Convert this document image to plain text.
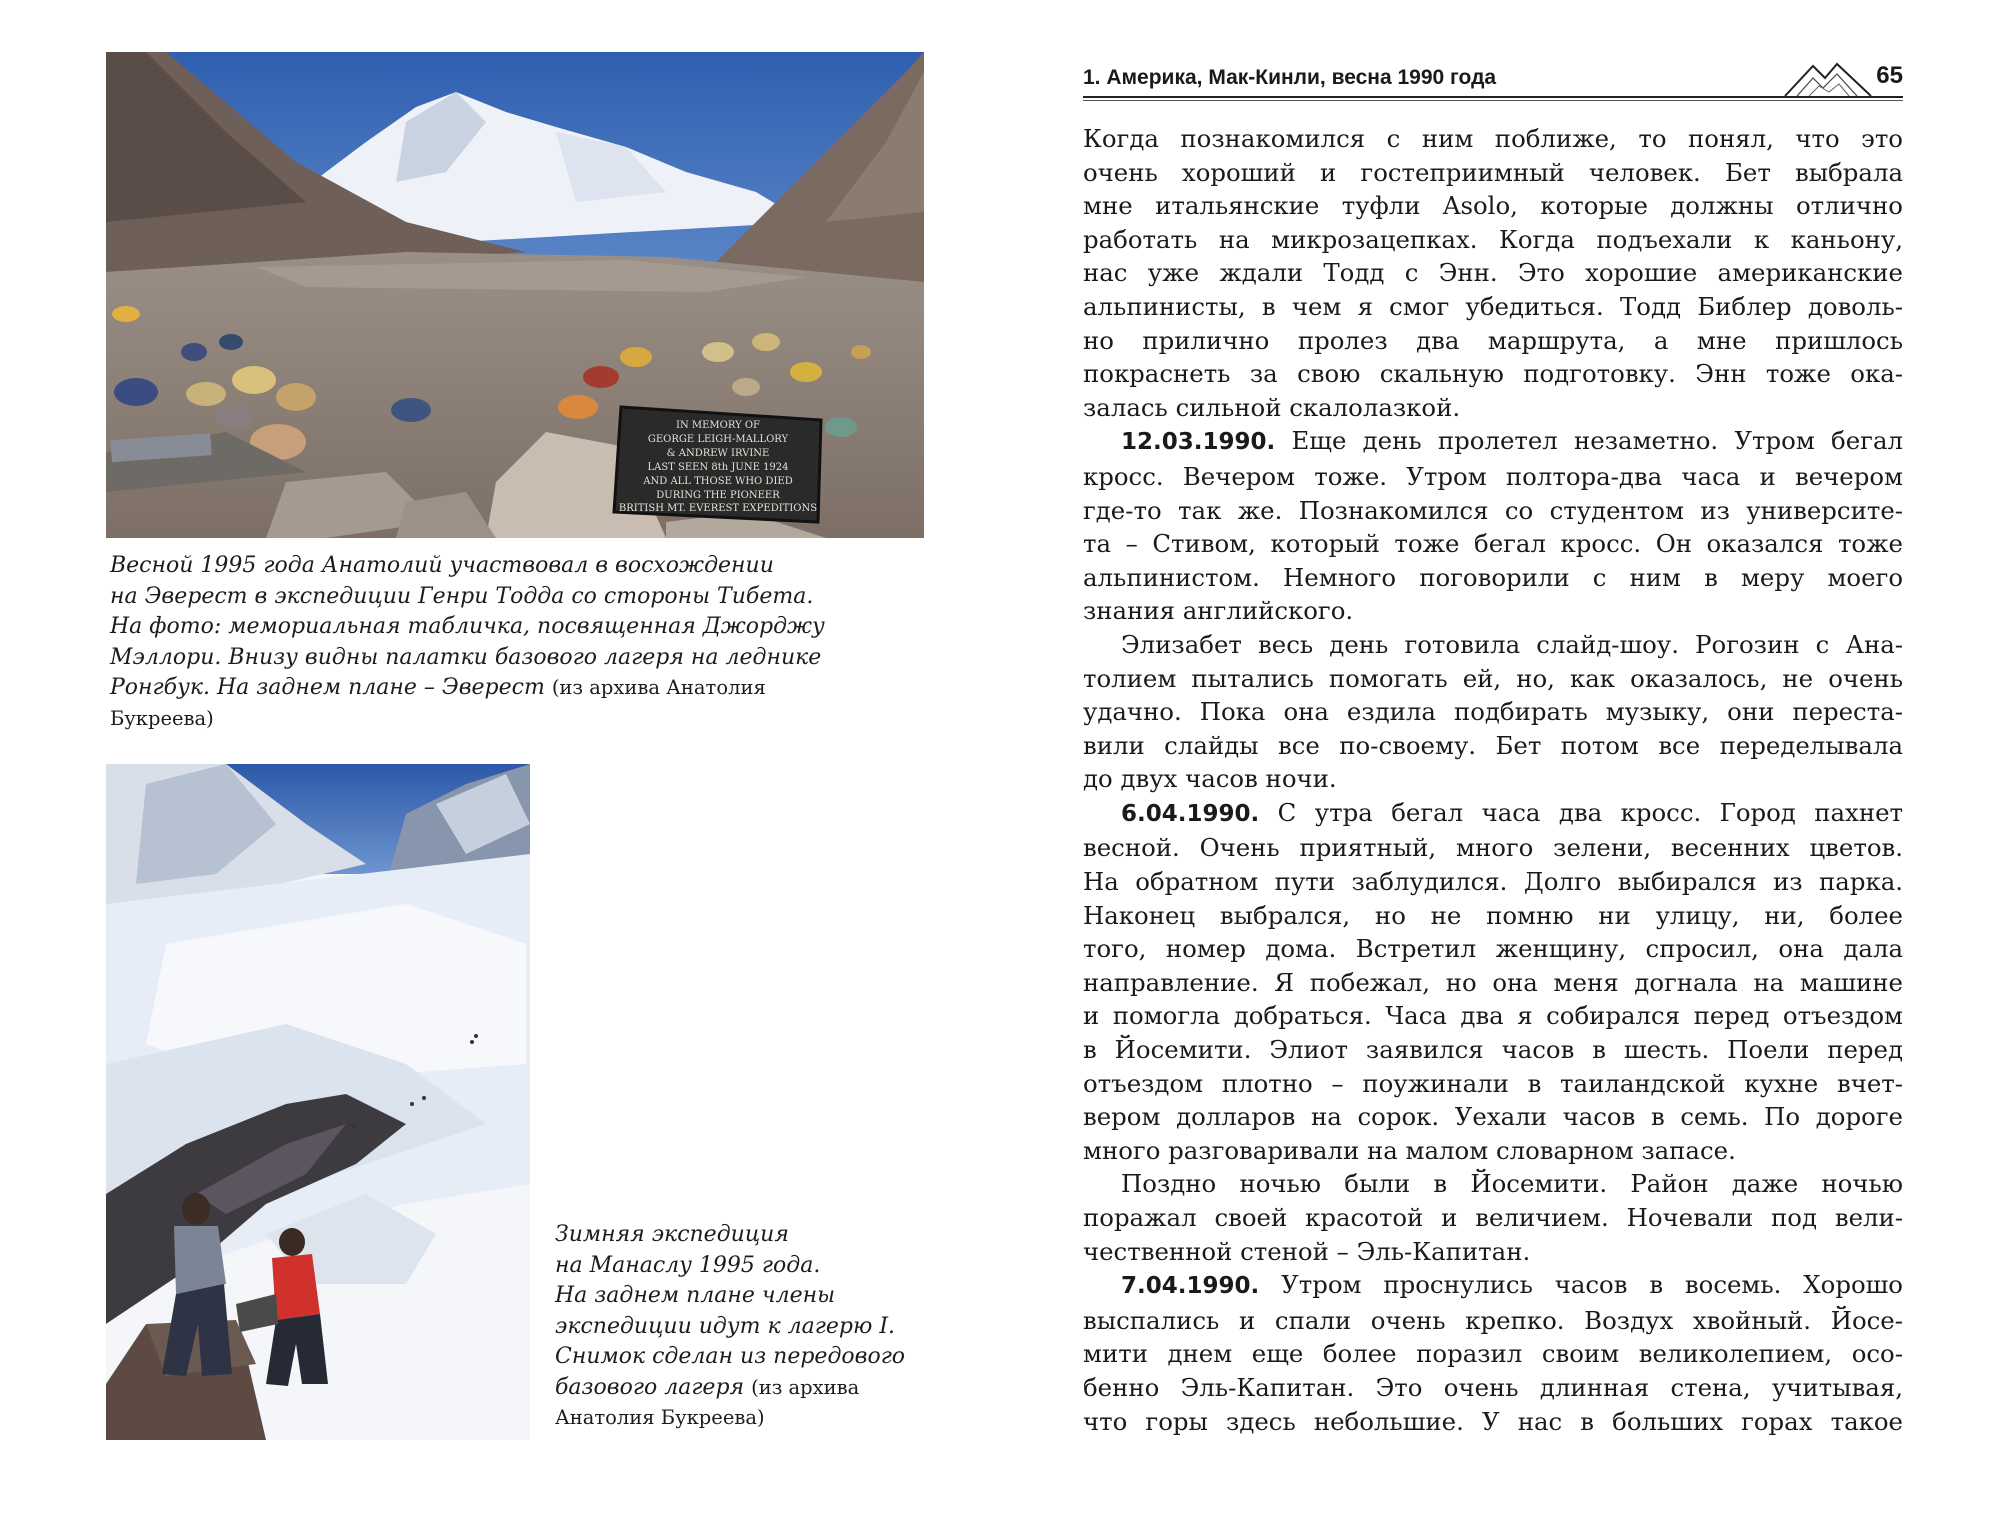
IN MEMORY OF
GEORGE LEIGH-MALLORY
& ANDREW IRVINE
LAST SEEN 8th JUNE 1924
AND ALL THOSE WHO DIED
DURING THE PIONEER
BRITISH MT. EVEREST EXPEDITIONS
Весной 1995 года Анатолий участвовал в восхождении
на Эверест в экспедиции Генри Тодда со стороны Тибета.
На фото: мемориальная табличка, посвященная Джорджу
Мэллори. Внизу видны палатки базового лагеря на леднике
Ронгбук. На заднем плане – Эверест (из архива Анатолия
Букреева)
Зимняя экспедиция
на Манаслу 1995 года.
На заднем плане члены
экспедиции идут к лагерю I.
Снимок сделан из передового
базового лагеря (из архива
Анатолия Букреева)
1. Америка, Мак-Кинли, весна 1990 года	65

Когда познакомился с ним поближе, то понял, что это
очень хороший и гостеприимный человек. Бет выбрала
мне итальянские туфли Asolo, которые должны отлично
работать на микрозацепках. Когда подъехали к каньону,
нас уже ждали Тодд с Энн. Это хорошие американские
альпинисты, в чем я смог убедиться. Тодд Библер доволь-
но прилично пролез два маршрута, а мне пришлось
покраснеть за свою скальную подготовку. Энн тоже ока-
залась сильной скалолазкой.

12.03.1990. Еще день пролетел незаметно. Утром бегал
кросс. Вечером тоже. Утром полтора-два часа и вечером
где-то так же. Познакомился со студентом из университе-
та – Стивом, который тоже бегал кросс. Он оказался тоже
альпинистом. Немного поговорили с ним в меру моего
знания английского.

Элизабет весь день готовила слайд-шоу. Рогозин с Ана-
толием пытались помогать ей, но, как оказалось, не очень
удачно. Пока она ездила подбирать музыку, они переста-
вили слайды все по-своему. Бет потом все переделывала
до двух часов ночи.

6.04.1990. С утра бегал часа два кросс. Город пахнет
весной. Очень приятный, много зелени, весенних цветов.
На обратном пути заблудился. Долго выбирался из парка.
Наконец выбрался, но не помню ни улицу, ни, более
того, номер дома. Встретил женщину, спросил, она дала
направление. Я побежал, но она меня догнала на машине
и помогла добраться. Часа два я собирался перед отъездом
в Йосемити. Элиот заявился часов в шесть. Поели перед
отъездом плотно – поужинали в таиландской кухне вчет-
вером долларов на сорок. Уехали часов в семь. По дороге
много разговаривали на малом словарном запасе.

Поздно ночью были в Йосемити. Район даже ночью
поражал своей красотой и величием. Ночевали под вели-
чественной стеной – Эль-Капитан.

7.04.1990. Утром проснулись часов в восемь. Хорошо
выспались и спали очень крепко. Воздух хвойный. Йосе-
мити днем еще более поразил своим великолепием, осо-
бенно Эль-Капитан. Это очень длинная стена, учитывая,
что горы здесь небольшие. У нас в больших горах такое
